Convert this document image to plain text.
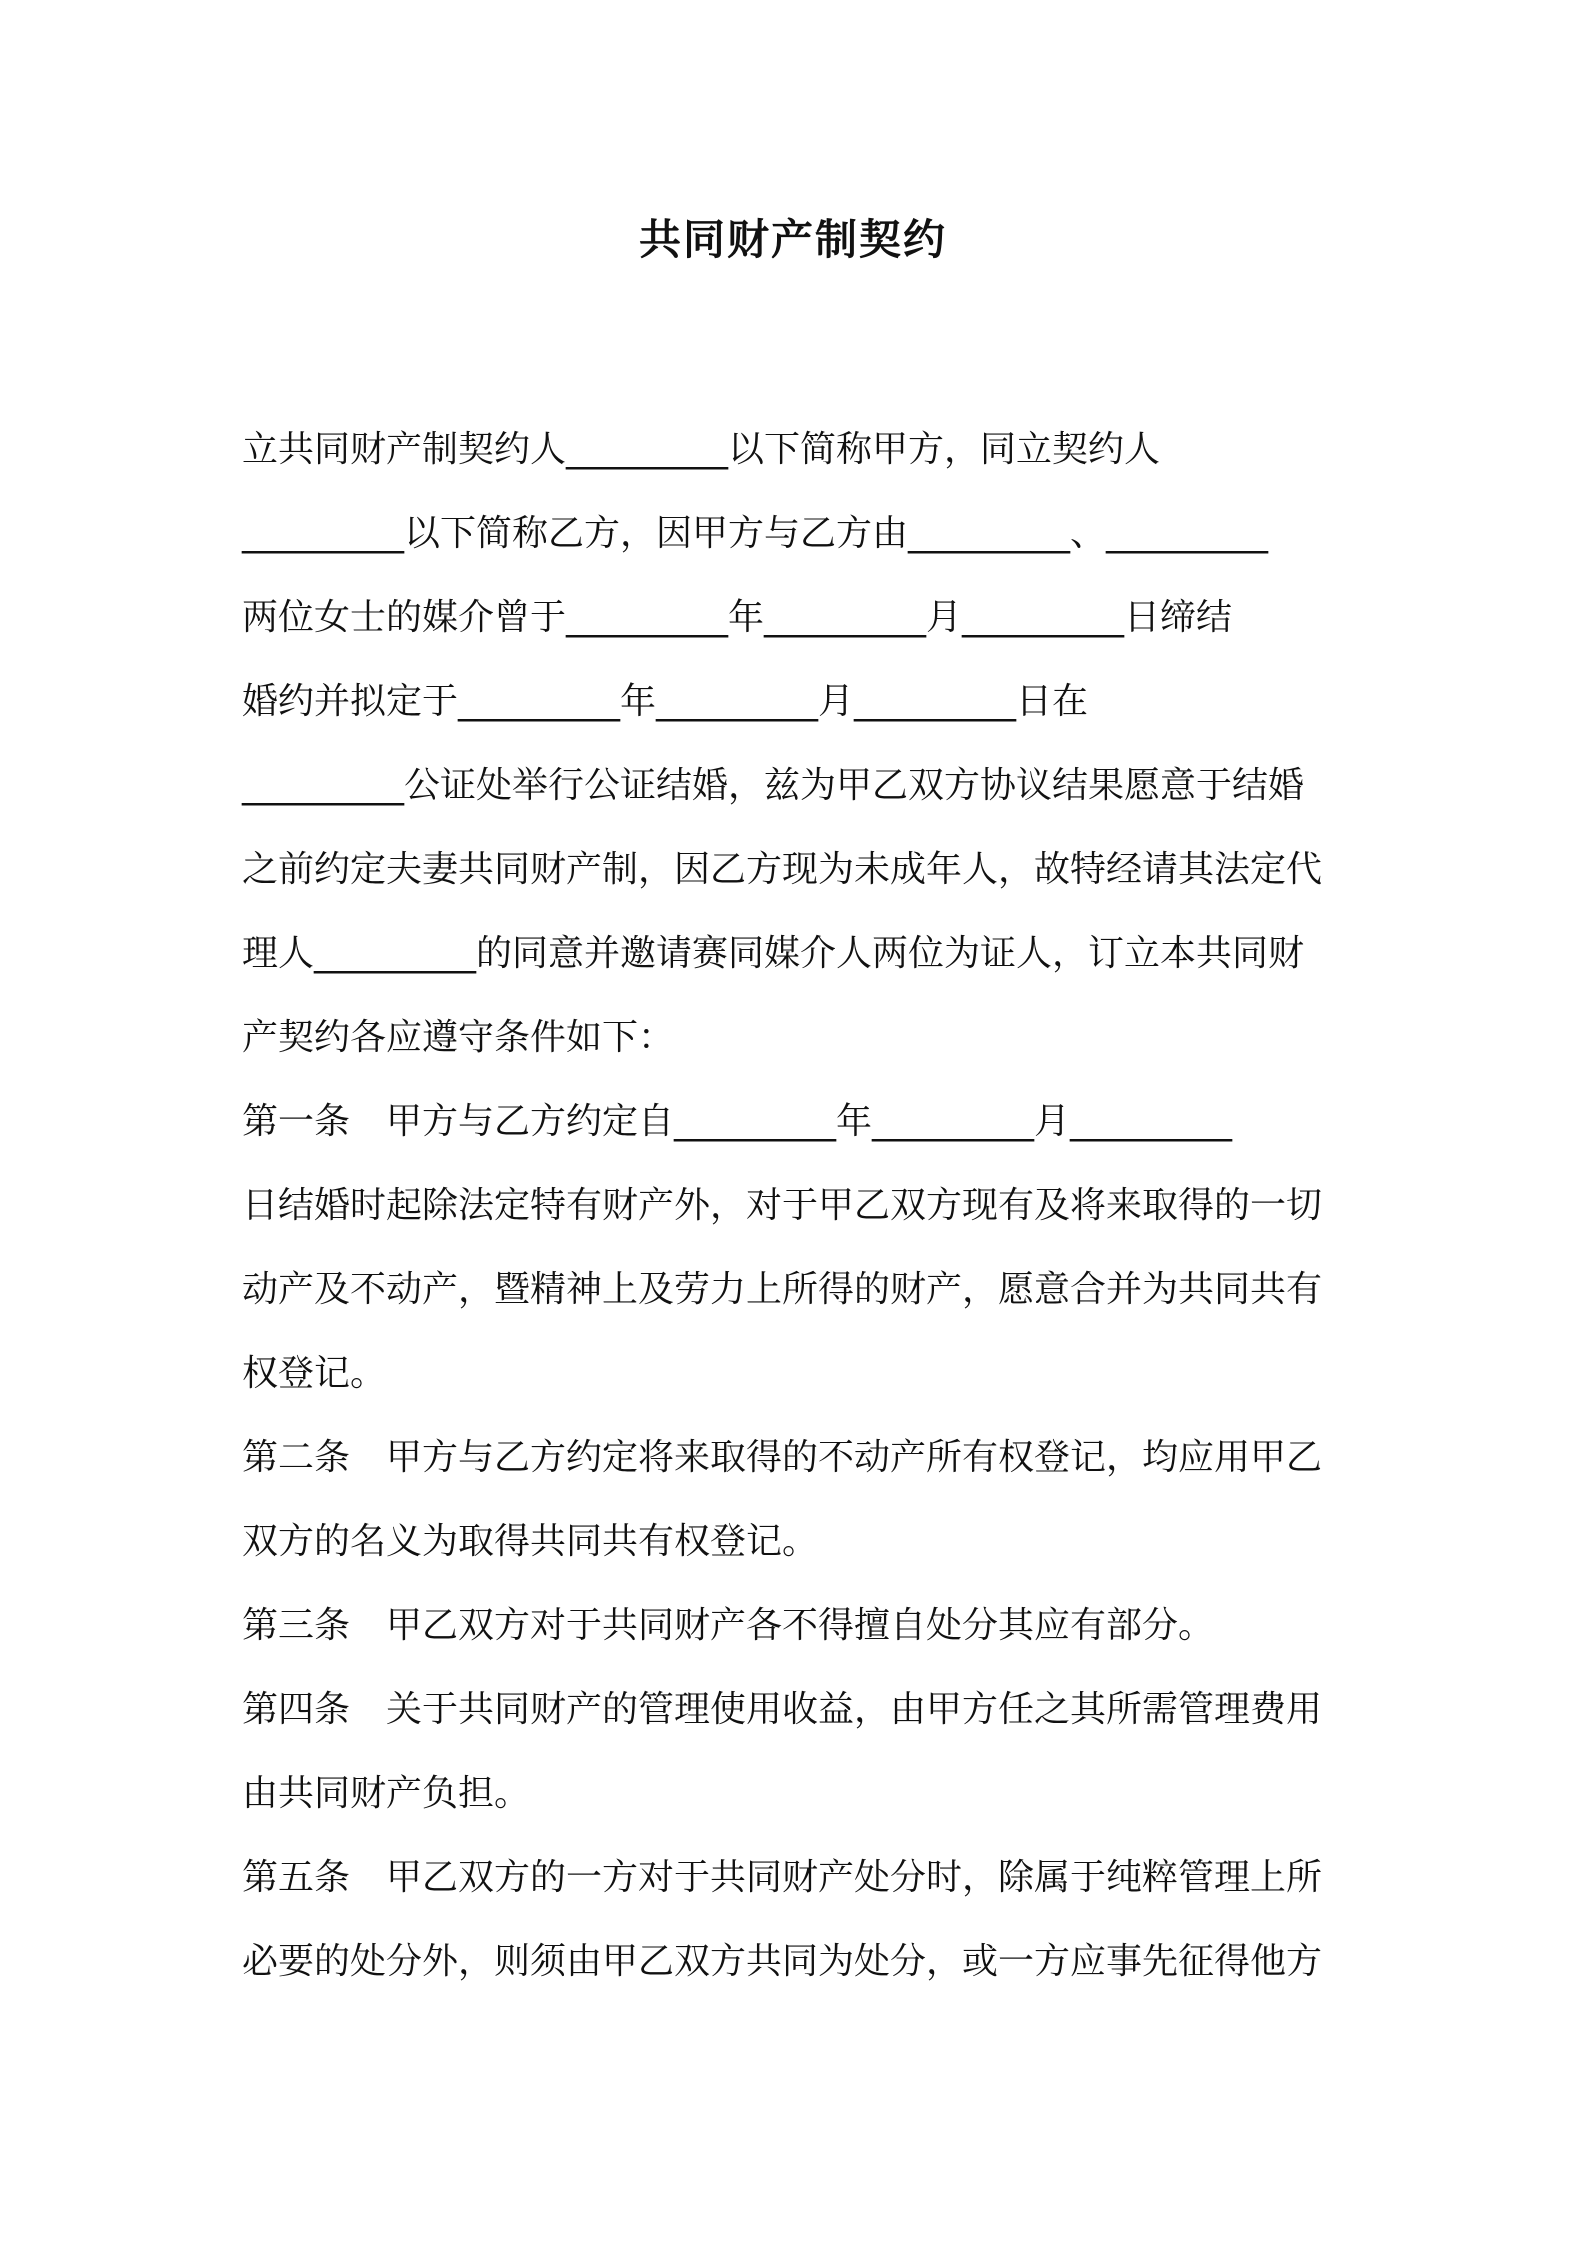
共同财产制契约
立共同财产制契约人_________以下简称甲方，同立契约人
_________以下简称乙方，因甲方与乙方由_________、_________
两位女士的媒介曾于_________年_________月_________日缔结
婚约并拟定于_________年_________月_________日在
_________公证处举行公证结婚，兹为甲乙双方协议结果愿意于结婚
之前约定夫妻共同财产制，因乙方现为未成年人，故特经请其法定代
理人_________的同意并邀请赛同媒介人两位为证人，订立本共同财
产契约各应遵守条件如下：
第一条　甲方与乙方约定自_________年_________月_________
日结婚时起除法定特有财产外，对于甲乙双方现有及将来取得的一切
动产及不动产，暨精神上及劳力上所得的财产，愿意合并为共同共有
权登记。
第二条　甲方与乙方约定将来取得的不动产所有权登记，均应用甲乙
双方的名义为取得共同共有权登记。
第三条　甲乙双方对于共同财产各不得擅自处分其应有部分。
第四条　关于共同财产的管理使用收益，由甲方任之其所需管理费用
由共同财产负担。
第五条　甲乙双方的一方对于共同财产处分时，除属于纯粹管理上所
必要的处分外，则须由甲乙双方共同为处分，或一方应事先征得他方
